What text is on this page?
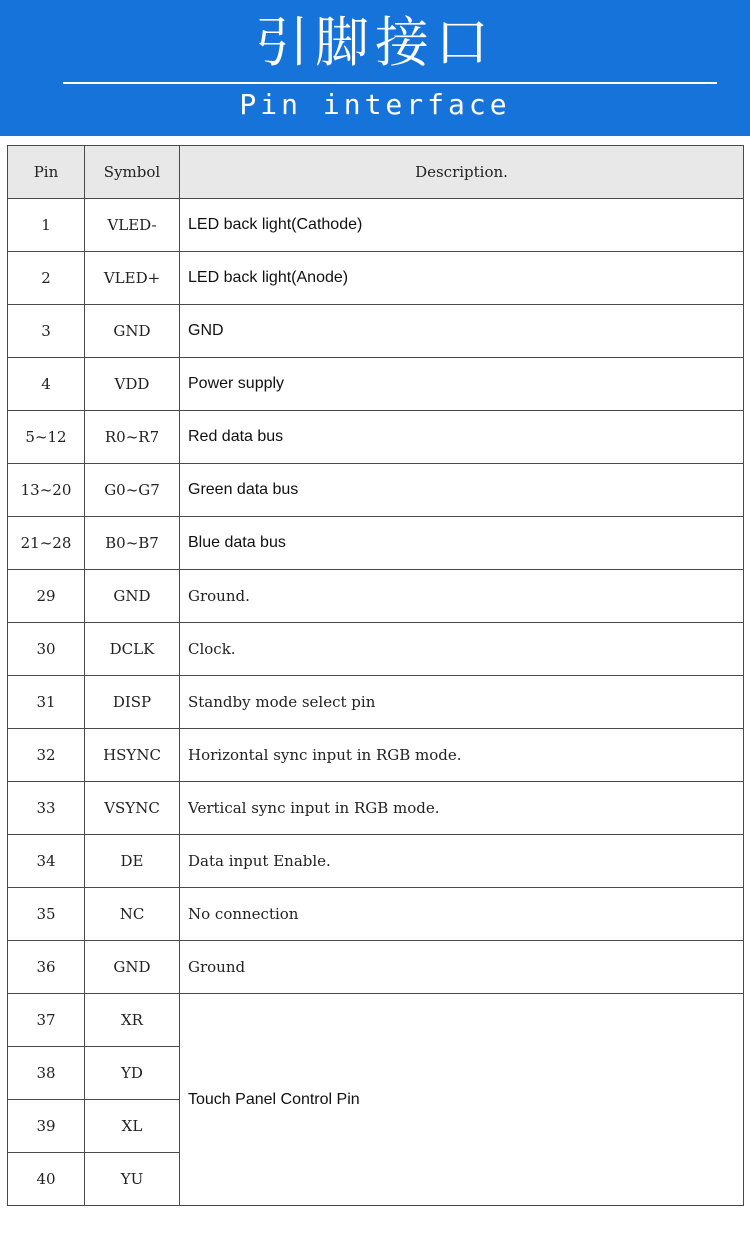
引脚接口
Pin interface
Pin	Symbol	Description.
1	VLED-	LED back light(Cathode)
2	VLED+	LED back light(Anode)
3	GND	GND
4	VDD	Power supply
5~12	R0~R7	Red data bus
13~20	G0~G7	Green data bus
21~28	B0~B7	Blue data bus
29	GND	Ground.
30	DCLK	Clock.
31	DISP	Standby mode select pin
32	HSYNC	Horizontal sync input in RGB mode.
33	VSYNC	Vertical sync input in RGB mode.
34	DE	Data input Enable.
35	NC	No connection
36	GND	Ground
37	XR	Touch Panel Control Pin
38	YD	
39	XL	
40	YU	
